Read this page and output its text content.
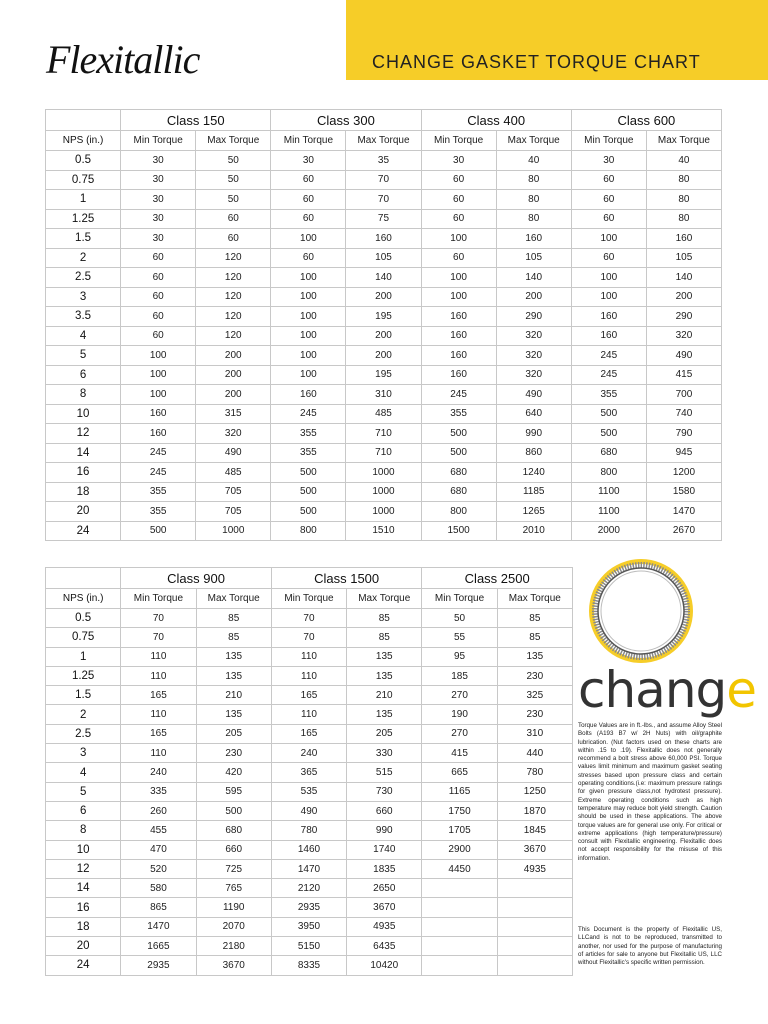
Flexitallic	CHANGE GASKET TORQUE CHART
	Class 150		Class 300		Class 400		Class 600	
NPS (in.)	Min Torque	Max Torque	Min Torque	Max Torque	Min Torque	Max Torque	Min Torque	Max Torque
0.5	30	50	30	35	30	40	30	40
0.75	30	50	60	70	60	80	60	80
1	30	50	60	70	60	80	60	80
1.25	30	60	60	75	60	80	60	80
1.5	30	60	100	160	100	160	100	160
2	60	120	60	105	60	105	60	105
2.5	60	120	100	140	100	140	100	140
3	60	120	100	200	100	200	100	200
3.5	60	120	100	195	160	290	160	290
4	60	120	100	200	160	320	160	320
5	100	200	100	200	160	320	245	490
6	100	200	100	195	160	320	245	415
8	100	200	160	310	245	490	355	700
10	160	315	245	485	355	640	500	740
12	160	320	355	710	500	990	500	790
14	245	490	355	710	500	860	680	945
16	245	485	500	1000	680	1240	800	1200
18	355	705	500	1000	680	1185	1100	1580
20	355	705	500	1000	800	1265	1100	1470
24	500	1000	800	1510	1500	2010	2000	2670
	Class 900		Class 1500		Class 2500	
NPS (in.)	Min Torque	Max Torque	Min Torque	Max Torque	Min Torque	Max Torque
0.5	70	85	70	85	50	85
0.75	70	85	70	85	55	85
1	110	135	110	135	95	135
1.25	110	135	110	135	185	230
1.5	165	210	165	210	270	325
2	110	135	110	135	190	230
2.5	165	205	165	205	270	310
3	110	230	240	330	415	440
4	240	420	365	515	665	780
5	335	595	535	730	1165	1250
6	260	500	490	660	1750	1870
8	455	680	780	990	1705	1845
10	470	660	1460	1740	2900	3670
12	520	725	1470	1835	4450	4935
14	580	765	2120	2650		
16	865	1190	2935	3670		
18	1470	2070	3950	4935		
20	1665	2180	5150	6435		
24	2935	3670	8335	10420		
change
Torque Values are in ft.-lbs., and assume Alloy Steel Bolts (A193 B7 w/ 2H Nuts) with oil/graphite lubrication. (Nut factors used on these charts are within .15 to .19). Flexitallic does not generally recommend a bolt stress above 60,000 PSI. Torque values limit minimum and maximum gasket seating stresses based upon pressure class and certain operating conditions.(i.e: maximum pressure ratings for given pressure class,not hydrotest pressure). Extreme operating conditions such as high temperature may reduce bolt yield strength. Caution should be used in these applications. The above torque values are for general use only. For critical or extreme applications (high temperature/pressure) consult with Flexitallic engineering. Flexitallic does not accept responsibility for the misuse of this information.
This Document is the property of Flexitallic US, LLCand is not to be reproduced, transmitted to another, nor used for the purpose of manufacturing of articles for sale to anyone but Flexitallic US, LLC without Flexitallic's specific written permission.
